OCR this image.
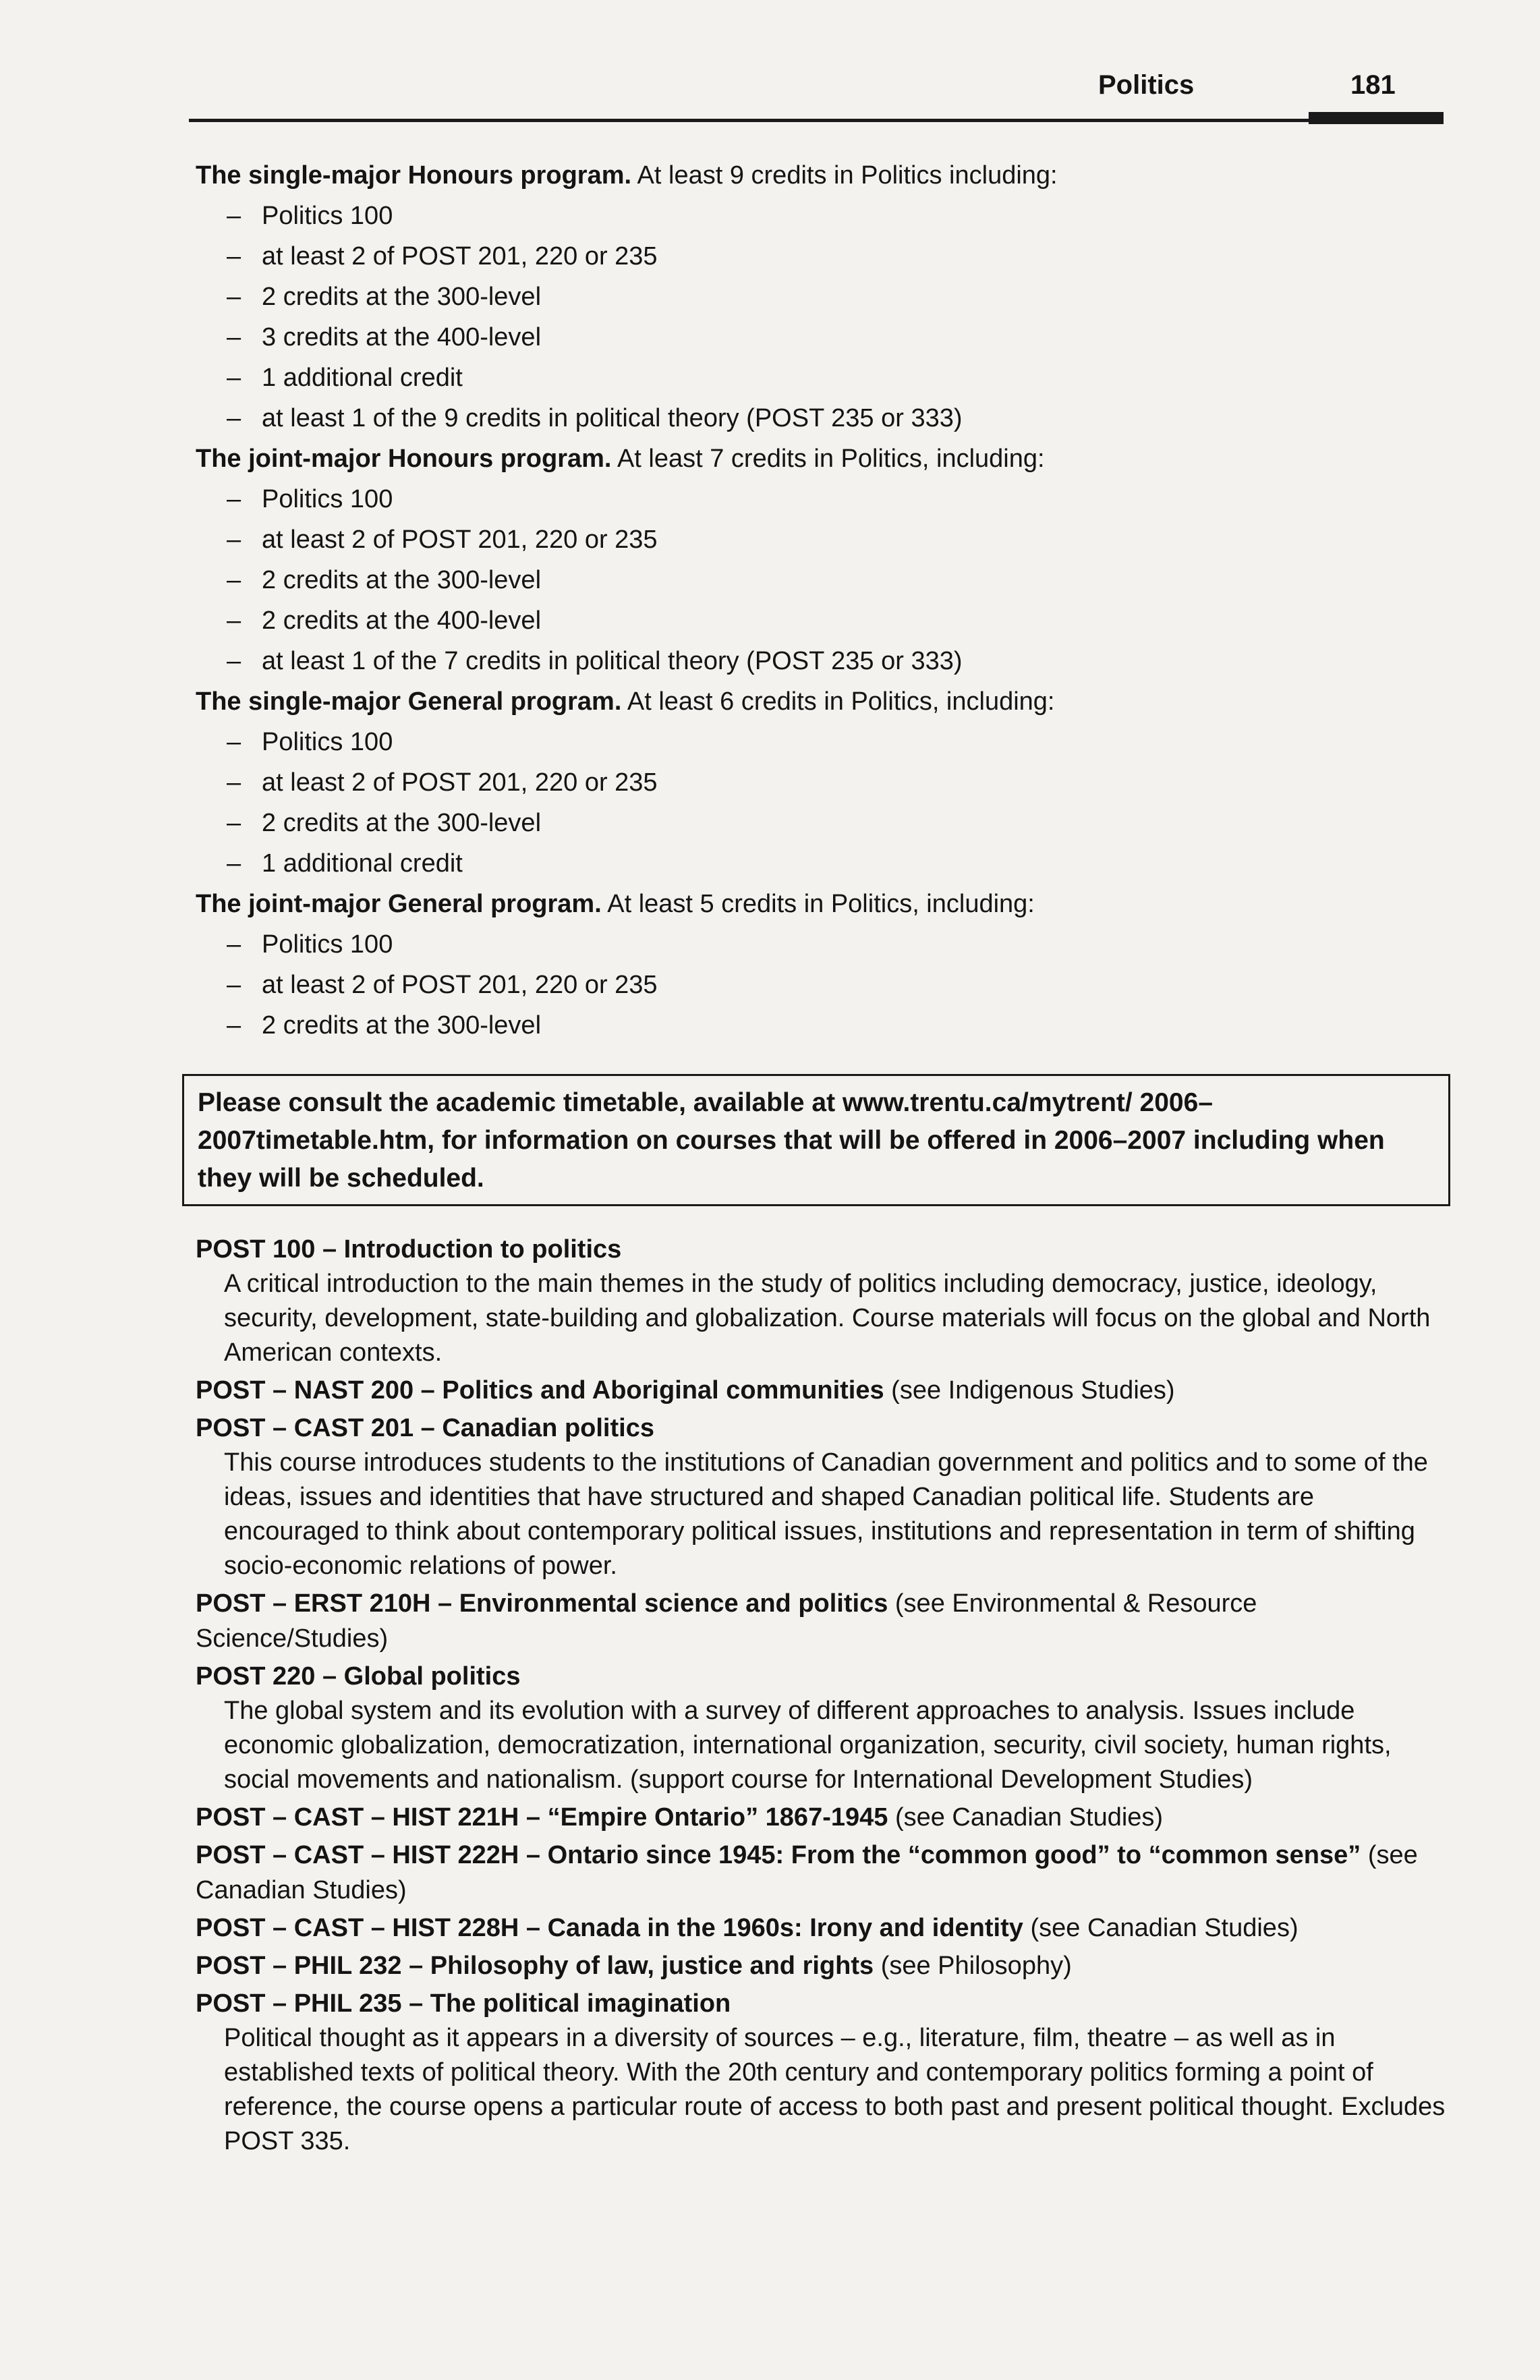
Politics	181

The single-major Honours program. At least 9 credits in Politics including:

– Politics 100
– at least 2 of POST 201, 220 or 235
– 2 credits at the 300-level
– 3 credits at the 400-level
– 1 additional credit
– at least 1 of the 9 credits in political theory (POST 235 or 333)

The joint-major Honours program. At least 7 credits in Politics, including:

– Politics 100
– at least 2 of POST 201, 220 or 235
– 2 credits at the 300-level
– 2 credits at the 400-level
– at least 1 of the 7 credits in political theory (POST 235 or 333)

The single-major General program. At least 6 credits in Politics, including:

– Politics 100
– at least 2 of POST 201, 220 or 235
– 2 credits at the 300-level
– 1 additional credit

The joint-major General program. At least 5 credits in Politics, including:

– Politics 100
– at least 2 of POST 201, 220 or 235
– 2 credits at the 300-level
Please consult the academic timetable, available at www.trentu.ca/mytrent/ 2006–2007timetable.htm, for information on courses that will be offered in 2006–2007 including when they will be scheduled.

POST 100 – Introduction to politics

A critical introduction to the main themes in the study of politics including democracy, justice, ideology, security, development, state-building and globalization. Course materials will focus on the global and North American contexts.

POST – NAST 200 – Politics and Aboriginal communities (see Indigenous Studies)

POST – CAST 201 – Canadian politics

This course introduces students to the institutions of Canadian government and politics and to some of the ideas, issues and identities that have structured and shaped Canadian political life. Students are encouraged to think about contemporary political issues, institutions and representation in term of shifting socio-economic relations of power.

POST – ERST 210H – Environmental science and politics (see Environmental & Resource Science/Studies)

POST 220 – Global politics

The global system and its evolution with a survey of different approaches to analysis. Issues include economic globalization, democratization, international organization, security, civil society, human rights, social movements and nationalism. (support course for International Development Studies)

POST – CAST – HIST 221H – “Empire Ontario” 1867-1945 (see Canadian Studies)

POST – CAST – HIST 222H – Ontario since 1945: From the “common good” to “common sense” (see Canadian Studies)

POST – CAST – HIST 228H – Canada in the 1960s: Irony and identity (see Canadian Studies)

POST – PHIL 232 – Philosophy of law, justice and rights (see Philosophy)

POST – PHIL 235 – The political imagination

Political thought as it appears in a diversity of sources – e.g., literature, film, theatre – as well as in established texts of political theory. With the 20th century and contemporary politics forming a point of reference, the course opens a particular route of access to both past and present political thought. Excludes POST 335.
